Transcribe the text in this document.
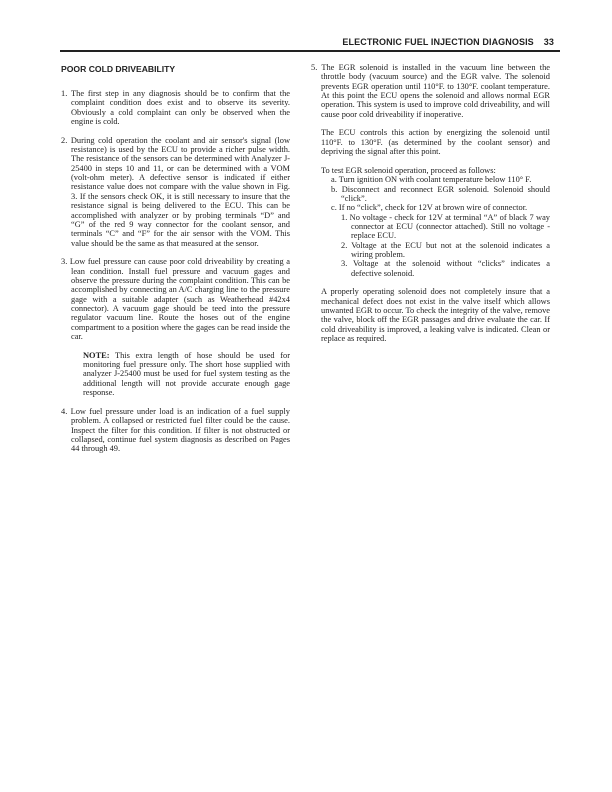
ELECTRONIC FUEL INJECTION DIAGNOSIS 33
POOR COLD DRIVEABILITY

1. The first step in any diagnosis should be to confirm that the complaint condition does exist and to observe its severity. Obviously a cold complaint can only be observed when the engine is cold.

2. During cold operation the coolant and air sensor's signal (low resistance) is used by the ECU to provide a richer pulse width. The resistance of the sensors can be determined with Analyzer J-25400 in steps 10 and 11, or can be determined with a VOM (volt-ohm meter). A defective sensor is indicated if either resistance value does not compare with the value shown in Fig. 3. If the sensors check OK, it is still necessary to insure that the resistance signal is being delivered to the ECU. This can be accomplished with analyzer or by probing terminals “D” and “G” of the red 9 way connector for the coolant sensor, and terminals “C” and “F” for the air sensor with the VOM. This value should be the same as that measured at the sensor.

3. Low fuel pressure can cause poor cold driveability by creating a lean condition. Install fuel pressure and vacuum gages and observe the pressure during the complaint condition. This can be accomplished by connecting an A/C charging line to the pressure gage with a suitable adapter (such as Weatherhead #42x4 connector). A vacuum gage should be teed into the pressure regulator vacuum line. Route the hoses out of the engine compartment to a position where the gages can be read inside the car.

NOTE: This extra length of hose should be used for monitoring fuel pressure only. The short hose supplied with analyzer J-25400 must be used for fuel system testing as the additional length will not provide accurate enough gage response.

4. Low fuel pressure under load is an indication of a fuel supply problem. A collapsed or restricted fuel filter could be the cause. Inspect the filter for this condition. If filter is not obstructed or collapsed, continue fuel system diagnosis as described on Pages 44 through 49.

5. The EGR solenoid is installed in the vacuum line between the throttle body (vacuum source) and the EGR valve. The solenoid prevents EGR operation until 110°F. to 130°F. coolant temperature. At this point the ECU opens the solenoid and allows normal EGR operation. This system is used to improve cold driveability, and will cause poor cold driveability if inoperative.

The ECU controls this action by energizing the solenoid until 110°F. to 130°F. (as determined by the coolant sensor) and depriving the signal after this point.

To test EGR solenoid operation, proceed as follows:

a. Turn ignition ON with coolant temperature below 110° F.

b. Disconnect and reconnect EGR solenoid. Solenoid should “click”.

c. If no “click”, check for 12V at brown wire of connector.

1. No voltage - check for 12V at terminal “A” of black 7 way connector at ECU (connector attached). Still no voltage - replace ECU.

2. Voltage at the ECU but not at the solenoid indicates a wiring problem.

3. Voltage at the solenoid without “clicks” indicates a defective solenoid.

A properly operating solenoid does not completely insure that a mechanical defect does not exist in the valve itself which allows unwanted EGR to occur. To check the integrity of the valve, remove the valve, block off the EGR passages and drive evaluate the car. If cold driveability is improved, a leaking valve is indicated. Clean or replace as required.
